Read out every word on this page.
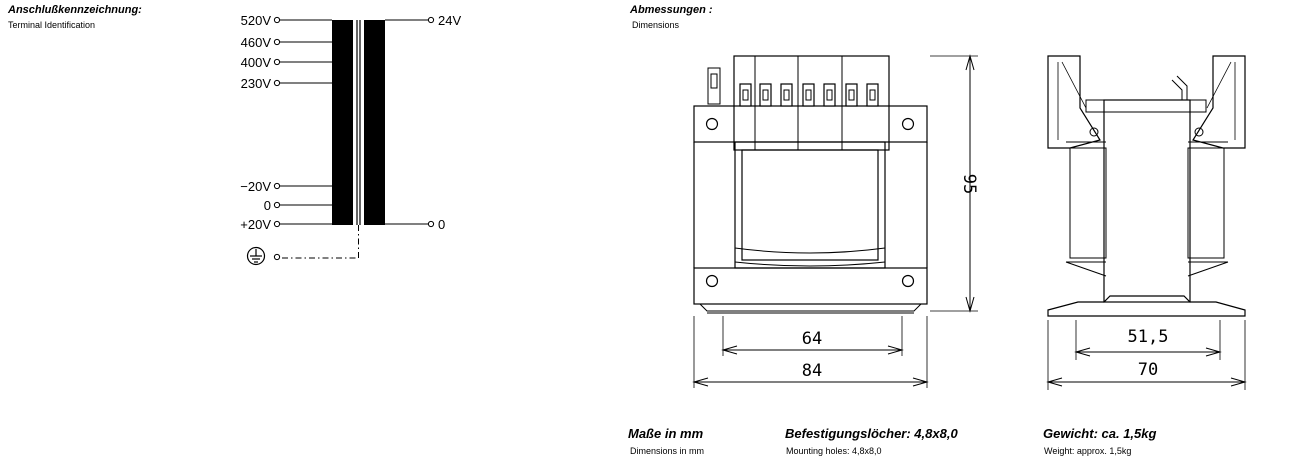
Anschlußkennzeichnung:
Terminal Identification
Abmessungen :
Dimensions
Maße in mm
Dimensions in mm
Befestigungslöcher: 4,8x8,0
Mounting holes: 4,8x8,0
Gewicht: ca. 1,5kg
Weight: approx. 1,5kg
520V
460V
400V
230V
−20V
0
+20V
24V
0
95
64
84
51,5
70
